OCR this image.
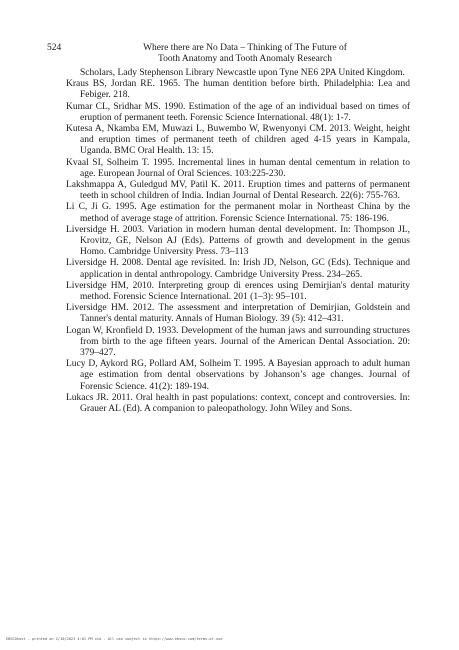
524	Where there are No Data – Thinking of The Future of
Tooth Anatomy and Tooth Anomaly Research
Scholars, Lady Stephenson Library Newcastle upon Tyne NE6 2PA United Kingdom.
Kraus BS, Jordan RE. 1965. The human dentition before birth. Philadelphia: Lea and Febiger. 218.
Kumar CL, Sridhar MS. 1990. Estimation of the age of an individual based on times of eruption of permanent teeth. Forensic Science International. 48(1): 1-7.
Kutesa A, Nkamba EM, Muwazi L, Buwembo W, Rwenyonyi CM. 2013. Weight, height and eruption times of permanent teeth of children aged 4-15 years in Kampala, Uganda. BMC Oral Health. 13: 15.
Kvaal SI, Solheim T. 1995. Incremental lines in human dental cementum in relation to age. European Journal of Oral Sciences. 103:225-230.
Lakshmappa A, Guledgud MV, Patil K. 2011. Eruption times and patterns of permanent teeth in school children of India. Indian Journal of Dental Research. 22(6): 755-763.
Li C, Ji G. 1995. Age estimation for the permanent molar in Northeast China by the method of average stage of attrition. Forensic Science International. 75: 186-196.
Liversidge H. 2003. Variation in modern human dental development. In: Thompson JL, Krovitz, GE, Nelson AJ (Eds). Patterns of growth and development in the genus Homo. Cambridge University Press. 73–113
Liversidge H. 2008. Dental age revisited. In: Irish JD, Nelson, GC (Eds). Technique and application in dental anthropology. Cambridge University Press. 234–265.
Liversidge HM, 2010. Interpreting group di erences using Demirjian's dental maturity method. Forensic Science International. 201 (1–3): 95–101.
Liversidge HM. 2012. The assessment and interpretation of Demirjian, Goldstein and Tanner's dental maturity. Annals of Human Biology. 39 (5): 412–431.
Logan W, Kronfield D. 1933. Development of the human jaws and surrounding structures from birth to the age fifteen years. Journal of the American Dental Association. 20: 379–427.
Lucy D, Aykord RG, Pollard AM, Solheim T. 1995. A Bayesian approach to adult human age estimation from dental observations by Johanson’s age changes. Journal of Forensic Science. 41(2): 189-194.
Lukacs JR. 2011. Oral health in past populations: context, concept and controversies. In: Grauer AL (Ed). A companion to paleopathology. John Wiley and Sons.
EBSCOhost - printed on 2/10/2023 4:01 PM via . All use subject to https://www.ebsco.com/terms-of-use
